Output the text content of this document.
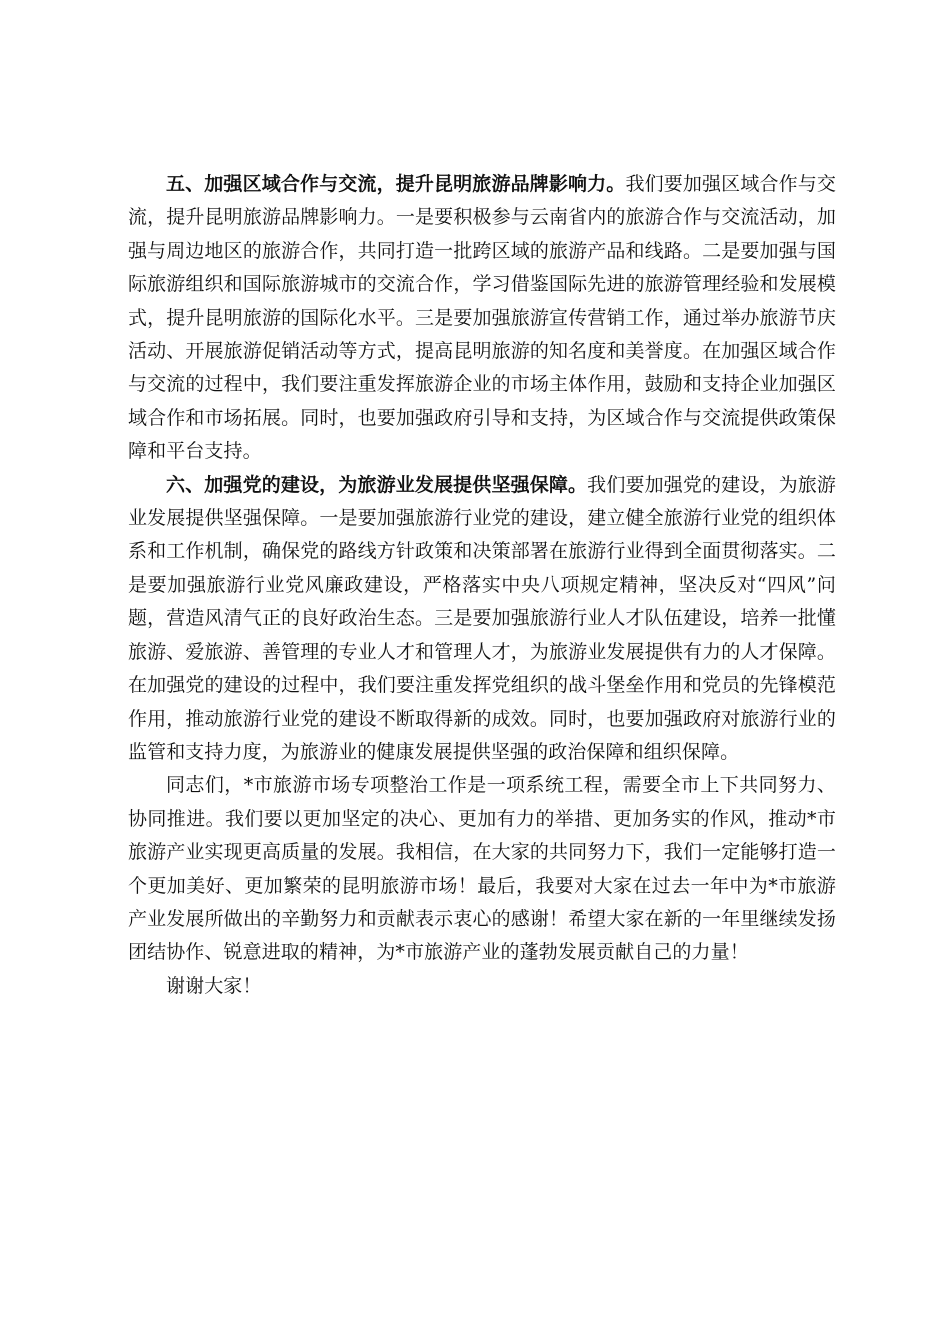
五、加强区域合作与交流，提升昆明旅游品牌影响力。我们要加强区域合作与交流，提升昆明旅游品牌影响力。一是要积极参与云南省内的旅游合作与交流活动，加强与周边地区的旅游合作，共同打造一批跨区域的旅游产品和线路。二是要加强与国际旅游组织和国际旅游城市的交流合作，学习借鉴国际先进的旅游管理经验和发展模式，提升昆明旅游的国际化水平。三是要加强旅游宣传营销工作，通过举办旅游节庆活动、开展旅游促销活动等方式，提高昆明旅游的知名度和美誉度。在加强区域合作与交流的过程中，我们要注重发挥旅游企业的市场主体作用，鼓励和支持企业加强区域合作和市场拓展。同时，也要加强政府引导和支持，为区域合作与交流提供政策保障和平台支持。

六、加强党的建设，为旅游业发展提供坚强保障。我们要加强党的建设，为旅游业发展提供坚强保障。一是要加强旅游行业党的建设，建立健全旅游行业党的组织体系和工作机制，确保党的路线方针政策和决策部署在旅游行业得到全面贯彻落实。二是要加强旅游行业党风廉政建设，严格落实中央八项规定精神，坚决反对“四风”问题，营造风清气正的良好政治生态。三是要加强旅游行业人才队伍建设，培养一批懂旅游、爱旅游、善管理的专业人才和管理人才，为旅游业发展提供有力的人才保障。在加强党的建设的过程中，我们要注重发挥党组织的战斗堡垒作用和党员的先锋模范作用，推动旅游行业党的建设不断取得新的成效。同时，也要加强政府对旅游行业的监管和支持力度，为旅游业的健康发展提供坚强的政治保障和组织保障。

同志们，*市旅游市场专项整治工作是一项系统工程，需要全市上下共同努力、协同推进。我们要以更加坚定的决心、更加有力的举措、更加务实的作风，推动*市旅游产业实现更高质量的发展。我相信，在大家的共同努力下，我们一定能够打造一个更加美好、更加繁荣的昆明旅游市场！最后，我要对大家在过去一年中为*市旅游产业发展所做出的辛勤努力和贡献表示衷心的感谢！希望大家在新的一年里继续发扬团结协作、锐意进取的精神，为*市旅游产业的蓬勃发展贡献自己的力量！

谢谢大家！
